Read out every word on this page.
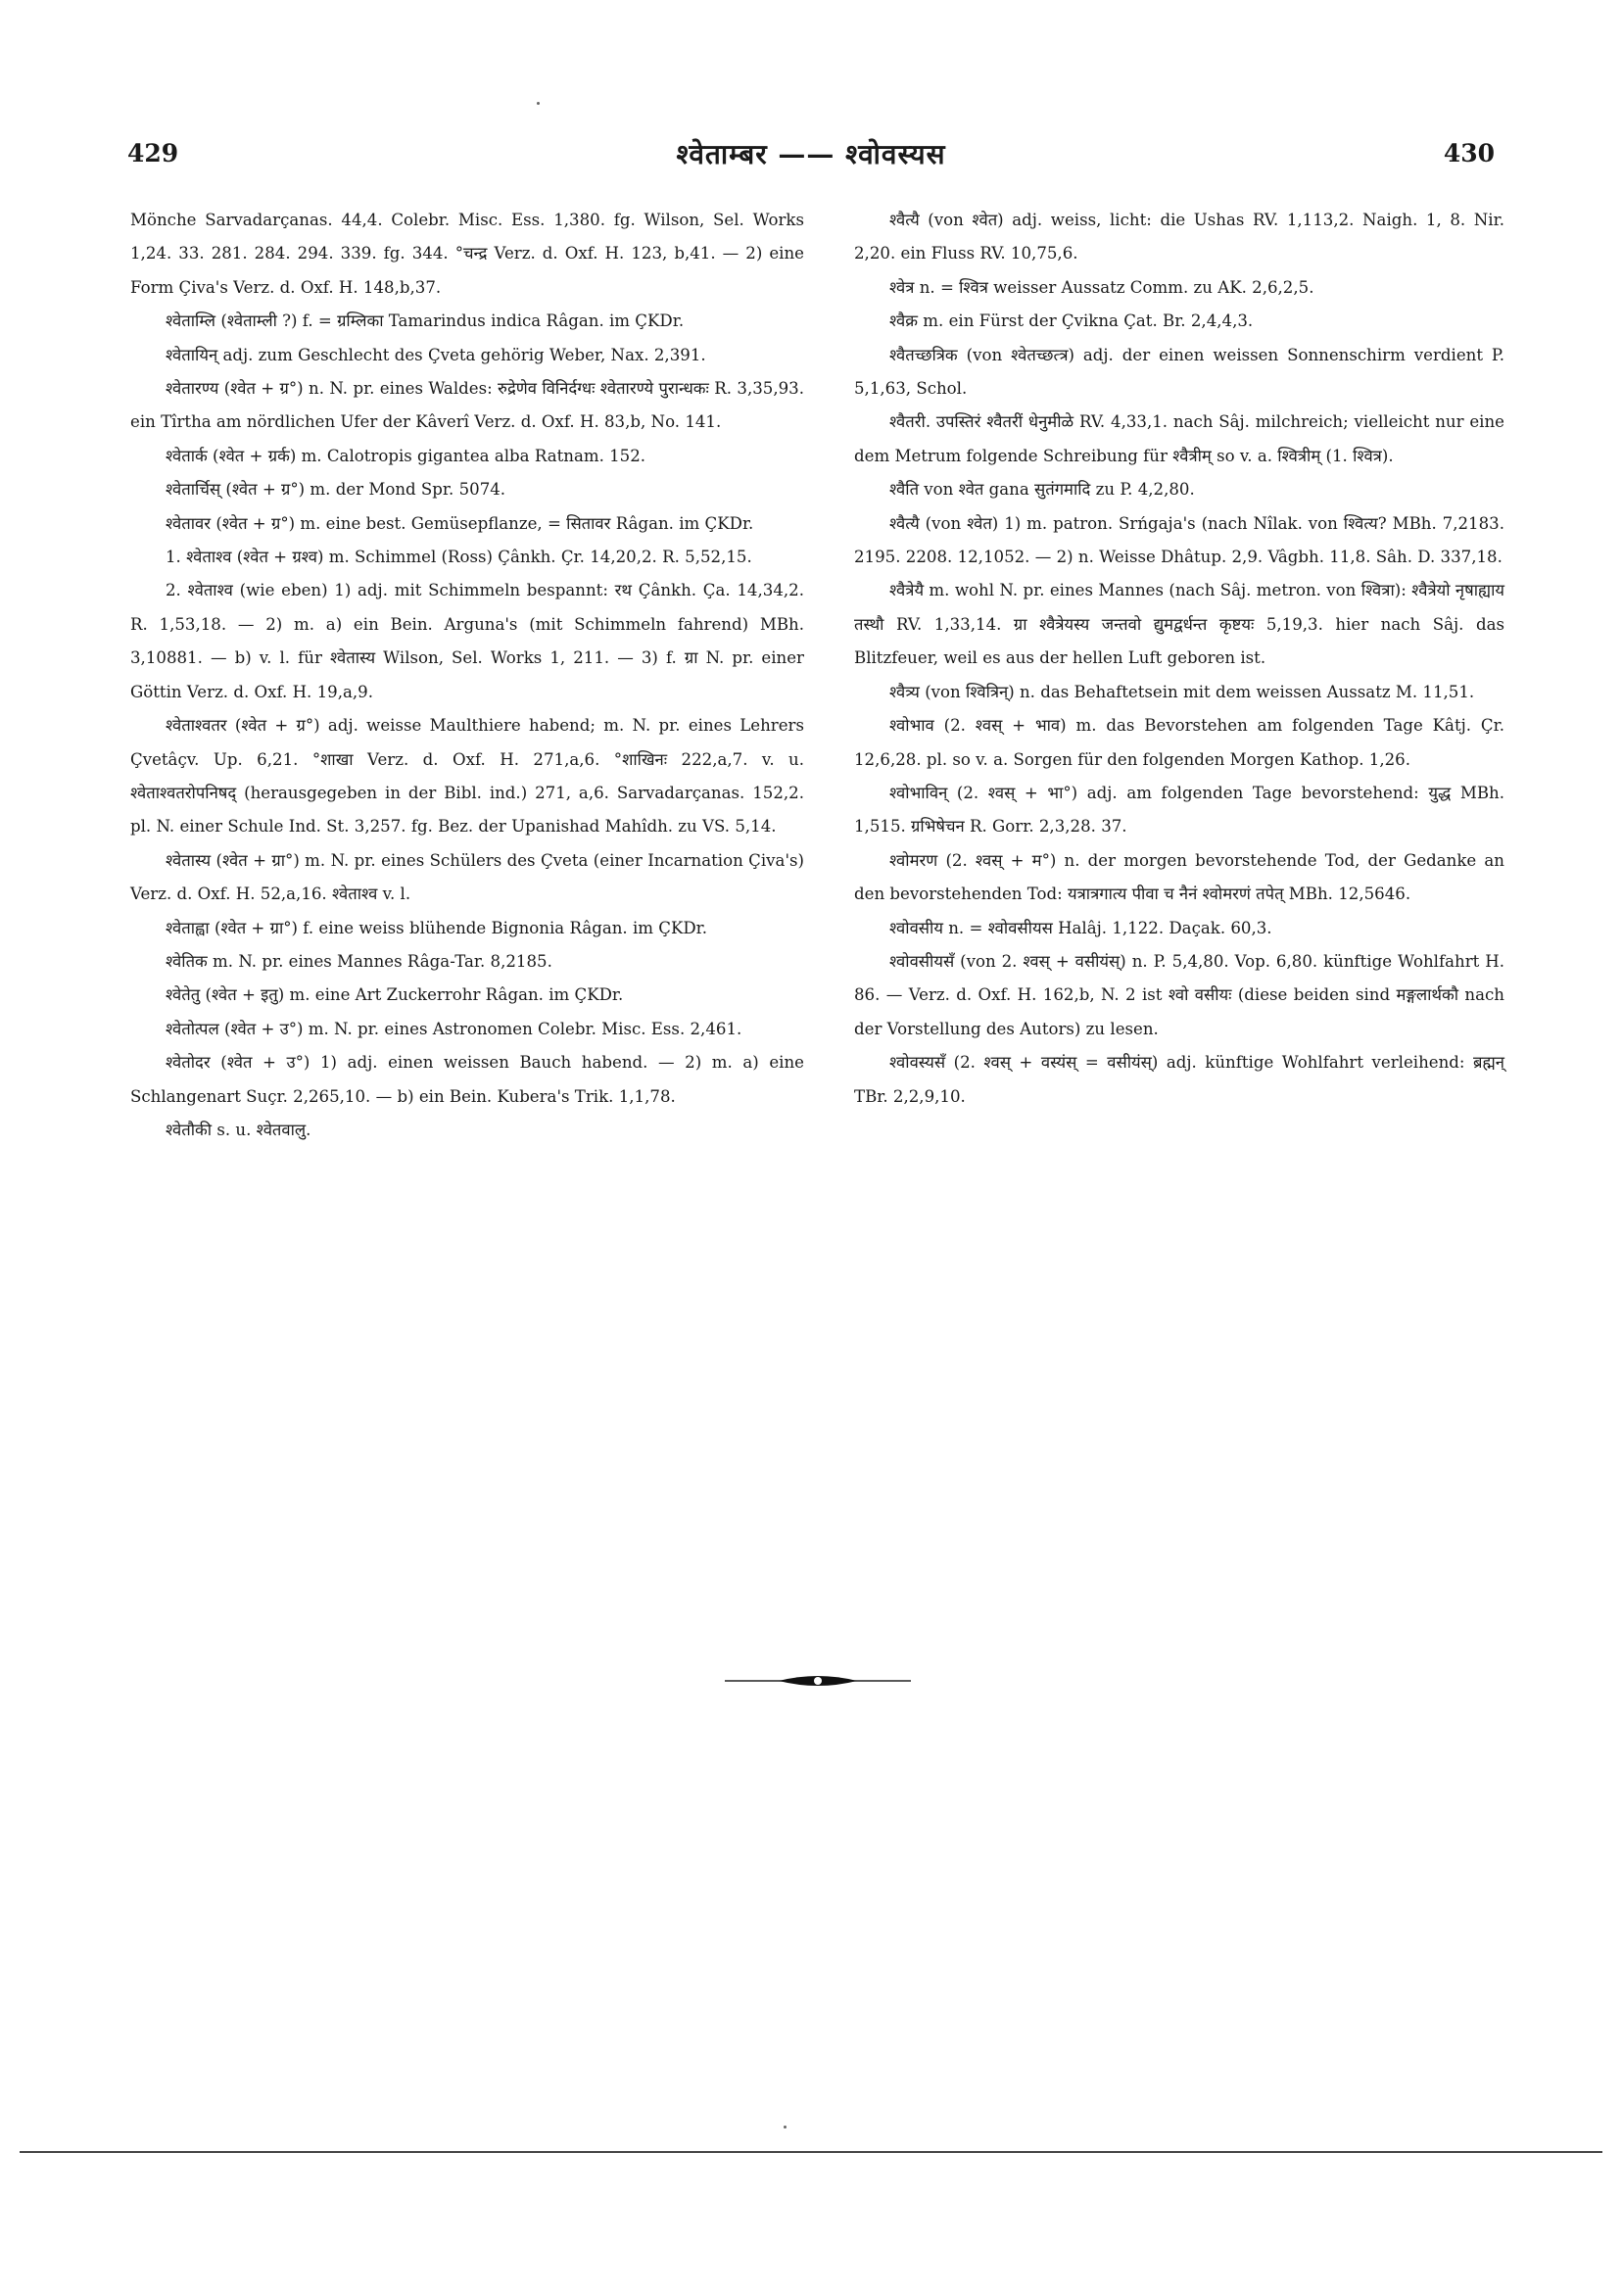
429	श्वेताम्बर —— श्वोवस्यस	430

Mönche Sarvadarçanas. 44,4. Colebr. Misc. Ess. 1,380. fg. Wilson, Sel. Works 1,24. 33. 281. 284. 294. 339. fg. 344. °चन्द्र Verz. d. Oxf. H. 123, b,41. — 2) eine Form Çiva's Verz. d. Oxf. H. 148,b,37.

श्वेताम्लि (श्वेताम्ली ?) f. = ग्रम्लिका Tamarindus indica Râgan. im ÇKDr.

श्वेतायिन् adj. zum Geschlecht des Çveta gehörig Weber, Nax. 2,391.

श्वेतारण्य (श्वेत + ग्र°) n. N. pr. eines Waldes: रुद्रेणेव विनिर्दग्धः श्वेतारण्ये पुरान्धकः R. 3,35,93. ein Tîrtha am nördlichen Ufer der Kâverî Verz. d. Oxf. H. 83,b, No. 141.

श्वेतार्क (श्वेत + ग्रर्क) m. Calotropis gigantea alba Ratnam. 152.

श्वेतार्चिस् (श्वेत + ग्र°) m. der Mond Spr. 5074.

श्वेतावर (श्वेत + ग्र°) m. eine best. Gemüsepflanze, = सितावर Râgan. im ÇKDr.

1. श्वेताश्व (श्वेत + ग्रश्व) m. Schimmel (Ross) Çânkh. Çr. 14,20,2. R. 5,52,15.

2. श्वेताश्व (wie eben) 1) adj. mit Schimmeln bespannt: रथ Çânkh. Ça. 14,34,2. R. 1,53,18. — 2) m. a) ein Bein. Arguna's (mit Schimmeln fahrend) MBh. 3,10881. — b) v. l. für श्वेतास्य Wilson, Sel. Works 1, 211. — 3) f. ग्रा N. pr. einer Göttin Verz. d. Oxf. H. 19,a,9.

श्वेताश्वतर (श्वेत + ग्र°) adj. weisse Maulthiere habend; m. N. pr. eines Lehrers Çvetâçv. Up. 6,21. °शाखा Verz. d. Oxf. H. 271,a,6. °शाखिनः 222,a,7. v. u. श्वेताश्वतरोपनिषद् (herausgegeben in der Bibl. ind.) 271, a,6. Sarvadarçanas. 152,2. pl. N. einer Schule Ind. St. 3,257. fg. Bez. der Upanishad Mahîdh. zu VS. 5,14.

श्वेतास्य (श्वेत + ग्रा°) m. N. pr. eines Schülers des Çveta (einer Incarnation Çiva's) Verz. d. Oxf. H. 52,a,16. श्वेताश्व v. l.

श्वेताह्वा (श्वेत + ग्रा°) f. eine weiss blühende Bignonia Râgan. im ÇKDr.

श्वेतिक m. N. pr. eines Mannes Râga-Tar. 8,2185.

श्वेतेतु (श्वेत + इतु) m. eine Art Zuckerrohr Râgan. im ÇKDr.

श्वेतोत्पल (श्वेत + उ°) m. N. pr. eines Astronomen Colebr. Misc. Ess. 2,461.

श्वेतोदर (श्वेत + उ°) 1) adj. einen weissen Bauch habend. — 2) m. a) eine Schlangenart Suçr. 2,265,10. — b) ein Bein. Kubera's Trik. 1,1,78.

श्वेतौकी s. u. श्वेतवालु.

श्वैत्यै (von श्वेत) adj. weiss, licht: die Ushas RV. 1,113,2. Naigh. 1, 8. Nir. 2,20. ein Fluss RV. 10,75,6.

श्वेत्र n. = श्वित्र weisser Aussatz Comm. zu AK. 2,6,2,5.

श्वैक्र m. ein Fürst der Çvikna Çat. Br. 2,4,4,3.

श्वैतच्छत्रिक (von श्वेतच्छत्त्र) adj. der einen weissen Sonnenschirm verdient P. 5,1,63, Schol.

श्वैतरी. उपस्तिरं श्वैतरीं धेनुमीळे RV. 4,33,1. nach Sâj. milchreich; vielleicht nur eine dem Metrum folgende Schreibung für श्वैत्रीम् so v. a. श्वित्रीम् (1. श्वित्र).

श्वैति von श्वेत gana सुतंगमादि zu P. 4,2,80.

श्वैत्यै (von श्वेत) 1) m. patron. Srńgaja's (nach Nîlak. von श्वित्य? MBh. 7,2183. 2195. 2208. 12,1052. — 2) n. Weisse Dhâtup. 2,9. Vâgbh. 11,8. Sâh. D. 337,18.

श्वैत्रेयै m. wohl N. pr. eines Mannes (nach Sâj. metron. von श्वित्रा): श्वैत्रेयो नृषाह्याय तस्थौ RV. 1,33,14. ग्रा श्वैत्रेयस्य जन्तवो द्युमद्वर्धन्त कृष्टयः 5,19,3. hier nach Sâj. das Blitzfeuer, weil es aus der hellen Luft geboren ist.

श्वैत्र्य (von श्वित्रिन्) n. das Behaftetsein mit dem weissen Aussatz M. 11,51.

श्वोभाव (2. श्वस् + भाव) m. das Bevorstehen am folgenden Tage Kâtj. Çr. 12,6,28. pl. so v. a. Sorgen für den folgenden Morgen Kathop. 1,26.

श्वोभाविन् (2. श्वस् + भा°) adj. am folgenden Tage bevorstehend: युद्ध MBh. 1,515. ग्रभिषेचन R. Gorr. 2,3,28. 37.

श्वोमरण (2. श्वस् + म°) n. der morgen bevorstehende Tod, der Gedanke an den bevorstehenden Tod: यत्रात्रगात्य पीवा च नैनं श्वोमरणं तपेत् MBh. 12,5646.

श्वोवसीय n. = श्वोवसीयस Halâj. 1,122. Daçak. 60,3.

श्वोवसीयसँ (von 2. श्वस् + वसीयंस्) n. P. 5,4,80. Vop. 6,80. künftige Wohlfahrt H. 86. — Verz. d. Oxf. H. 162,b, N. 2 ist श्वो वसीयः (diese beiden sind मङ्गलार्थकौ nach der Vorstellung des Autors) zu lesen.

श्वोवस्यसँ (2. श्वस् + वस्यंस् = वसीयंस्) adj. künftige Wohlfahrt verleihend: ब्रह्मन् TBr. 2,2,9,10.
